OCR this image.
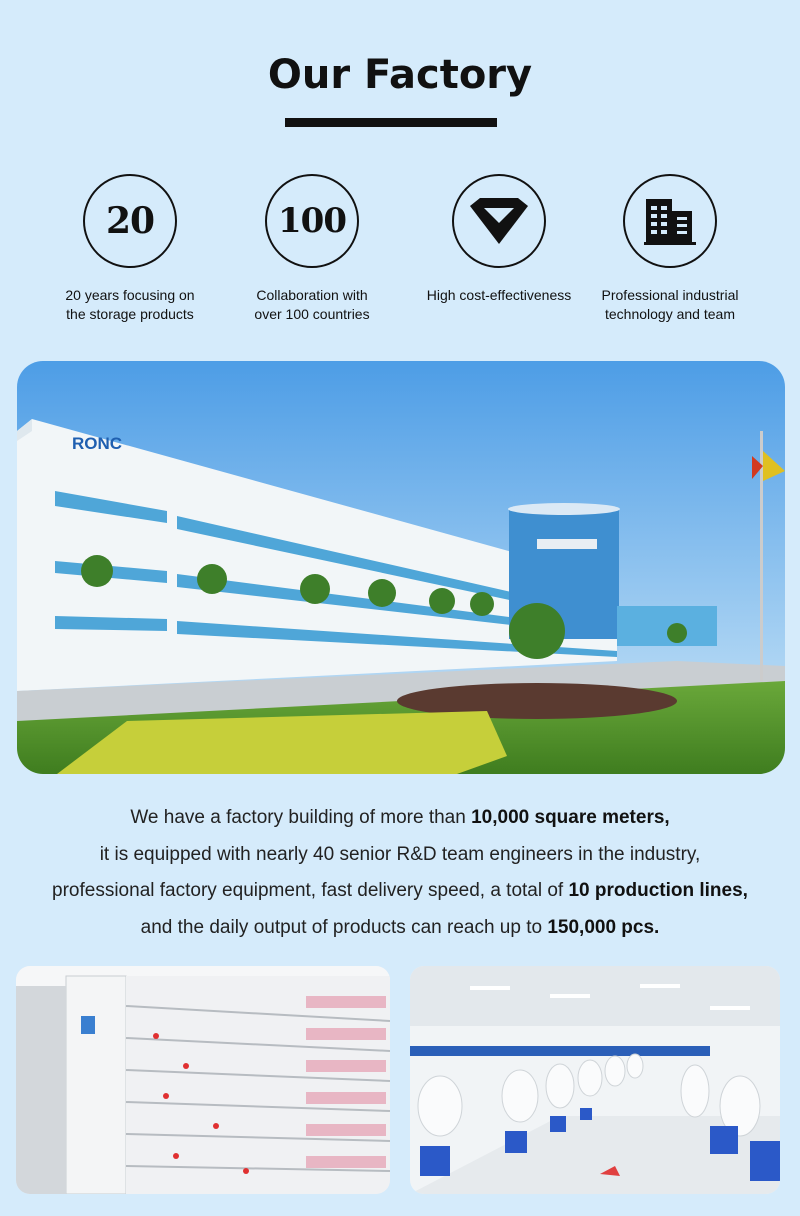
Our Factory
20
20 years focusing on
the storage products
100
Collaboration with
over 100 countries
High cost-effectiveness	Professional industrial
technology and team
RONC
We have a factory building of more than 10,000 square meters,
it is equipped with nearly 40 senior R&D team engineers in the industry,
professional factory equipment, fast delivery speed, a total of 10 production lines,
and the daily output of products can reach up to 150,000 pcs.
